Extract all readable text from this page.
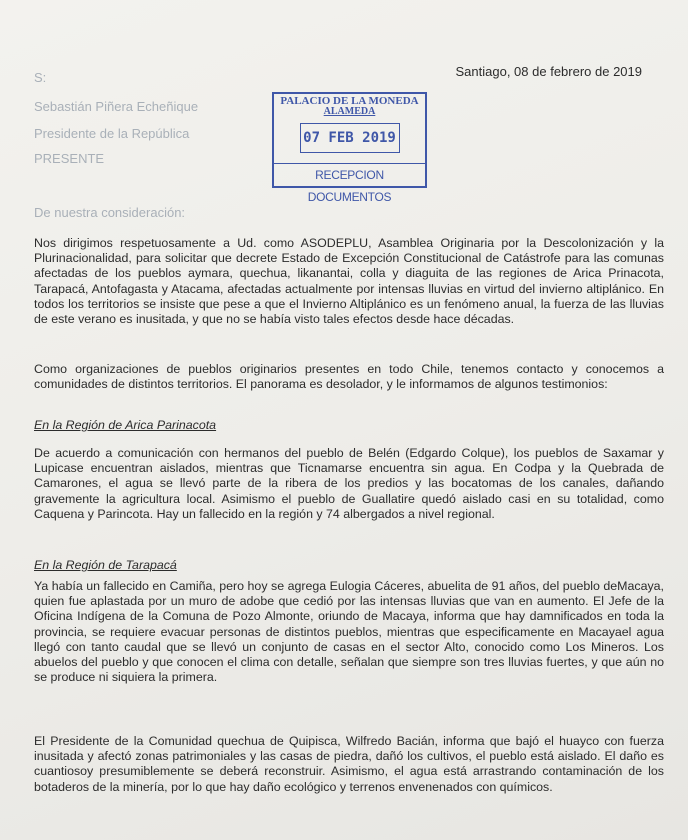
Santiago, 08 de febrero de 2019
S:
Sebastián Piñera Echeñique
Presidente de la República
PRESENTE
PALACIO DE LA MONEDA
ALAMEDA
07 FEB 2019
RECEPCION DOCUMENTOS
De nuestra consideración:
Nos dirigimos respetuosamente a Ud. como ASODEPLU, Asamblea Originaria por la Descolonización y la Plurinacionalidad, para solicitar que decrete Estado de Excepción Constitucional de Catástrofe para las comunas afectadas de los pueblos aymara, quechua, likanantai, colla y diaguita de las regiones de Arica Prinacota, Tarapacá, Antofagasta y Atacama, afectadas actualmente por intensas lluvias en virtud del invierno altiplánico. En todos los territorios se insiste que pese a que el Invierno Altiplánico es un fenómeno anual, la fuerza de las lluvias de este verano es inusitada, y que no se había visto tales efectos desde hace décadas.
Como organizaciones de pueblos originarios presentes en todo Chile, tenemos contacto y conocemos a comunidades de distintos territorios. El panorama es desolador, y le informamos de algunos testimonios:
En la Región de Arica Parinacota
De acuerdo a comunicación con hermanos del pueblo de Belén (Edgardo Colque), los pueblos de Saxamar y Lupicase encuentran aislados, mientras que Ticnamarse encuentra sin agua. En Codpa y la Quebrada de Camarones, el agua se llevó parte de la ribera de los predios y las bocatomas de los canales, dañando gravemente la agricultura local. Asimismo el pueblo de Guallatire quedó aislado casi en su totalidad, como Caquena y Parincota. Hay un fallecido en la región y 74 albergados a nivel regional.
En la Región de Tarapacá
Ya había un fallecido en Camiña, pero hoy se agrega Eulogia Cáceres, abuelita de 91 años, del pueblo deMacaya, quien fue aplastada por un muro de adobe que cedió por las intensas lluvias que van en aumento. El Jefe de la Oficina Indígena de la Comuna de Pozo Almonte, oriundo de Macaya, informa que hay damnificados en toda la provincia, se requiere evacuar personas de distintos pueblos, mientras que especificamente en Macayael agua llegó con tanto caudal que se llevó un conjunto de casas en el sector Alto, conocido como Los Mineros. Los abuelos del pueblo y que conocen el clima con detalle, señalan que siempre son tres lluvias fuertes, y que aún no se produce ni siquiera la primera.
El Presidente de la Comunidad quechua de Quipisca, Wilfredo Bacián, informa que bajó el huayco con fuerza inusitada y afectó zonas patrimoniales y las casas de piedra, dañó los cultivos, el pueblo está aislado. El daño es cuantiosoy presumiblemente se deberá reconstruir. Asimismo, el agua está arrastrando contaminación de los botaderos de la minería, por lo que hay daño ecológico y terrenos envenenados con químicos.
